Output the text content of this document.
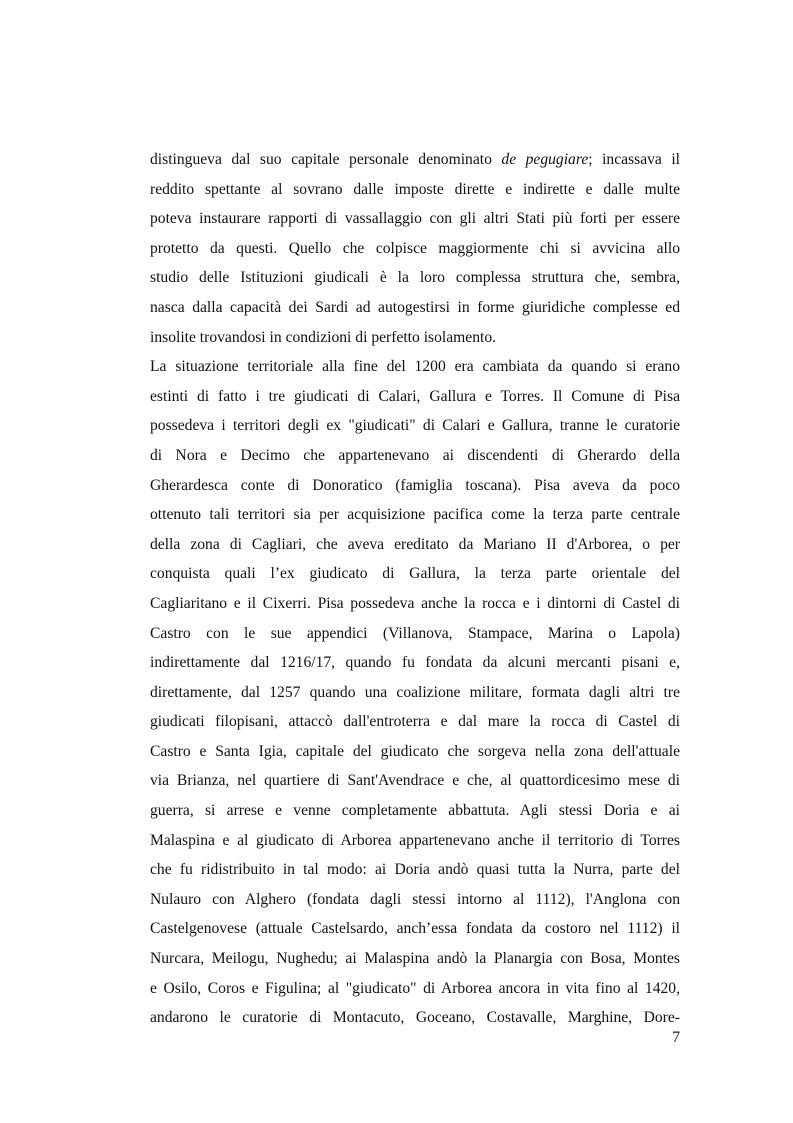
distingueva dal suo capitale personale denominato de pegugiare; incassava il
reddito spettante al sovrano dalle imposte dirette e indirette e dalle multe
poteva instaurare rapporti di vassallaggio con gli altri Stati più forti per essere
protetto da questi. Quello che colpisce maggiormente chi si avvicina allo
studio delle Istituzioni giudicali è la loro complessa struttura che, sembra,
nasca dalla capacità dei Sardi ad autogestirsi in forme giuridiche complesse ed
insolite trovandosi in condizioni di perfetto isolamento.
La situazione territoriale alla fine del 1200 era cambiata da quando si erano
estinti di fatto i tre giudicati di Calari, Gallura e Torres. Il Comune di Pisa
possedeva i territori degli ex "giudicati" di Calari e Gallura, tranne le curatorie
di Nora e Decimo che appartenevano ai discendenti di Gherardo della
Gherardesca conte di Donoratico (famiglia toscana). Pisa aveva da poco
ottenuto tali territori sia per acquisizione pacifica come la terza parte centrale
della zona di Cagliari, che aveva ereditato da Mariano II d'Arborea, o per
conquista quali l’ex giudicato di Gallura, la terza parte orientale del
Cagliaritano e il Cixerri. Pisa possedeva anche la rocca e i dintorni di Castel di
Castro con le sue appendici (Villanova, Stampace, Marina o Lapola)
indirettamente dal 1216/17, quando fu fondata da alcuni mercanti pisani e,
direttamente, dal 1257 quando una coalizione militare, formata dagli altri tre
giudicati filopisani, attaccò dall'entroterra e dal mare la rocca di Castel di
Castro e Santa Igia, capitale del giudicato che sorgeva nella zona dell'attuale
via Brianza, nel quartiere di Sant'Avendrace e che, al quattordicesimo mese di
guerra, si arrese e venne completamente abbattuta. Agli stessi Doria e ai
Malaspina e al giudicato di Arborea appartenevano anche il territorio di Torres
che fu ridistribuito in tal modo: ai Doria andò quasi tutta la Nurra, parte del
Nulauro con Alghero (fondata dagli stessi intorno al 1112), l'Anglona con
Castelgenovese (attuale Castelsardo, anch’essa fondata da costoro nel 1112) il
Nurcara, Meilogu, Nughedu; ai Malaspina andò la Planargia con Bosa, Montes
e Osilo, Coros e Figulina; al "giudicato" di Arborea ancora in vita fino al 1420,
andarono le curatorie di Montacuto, Goceano, Costavalle, Marghine, Dore-
7
